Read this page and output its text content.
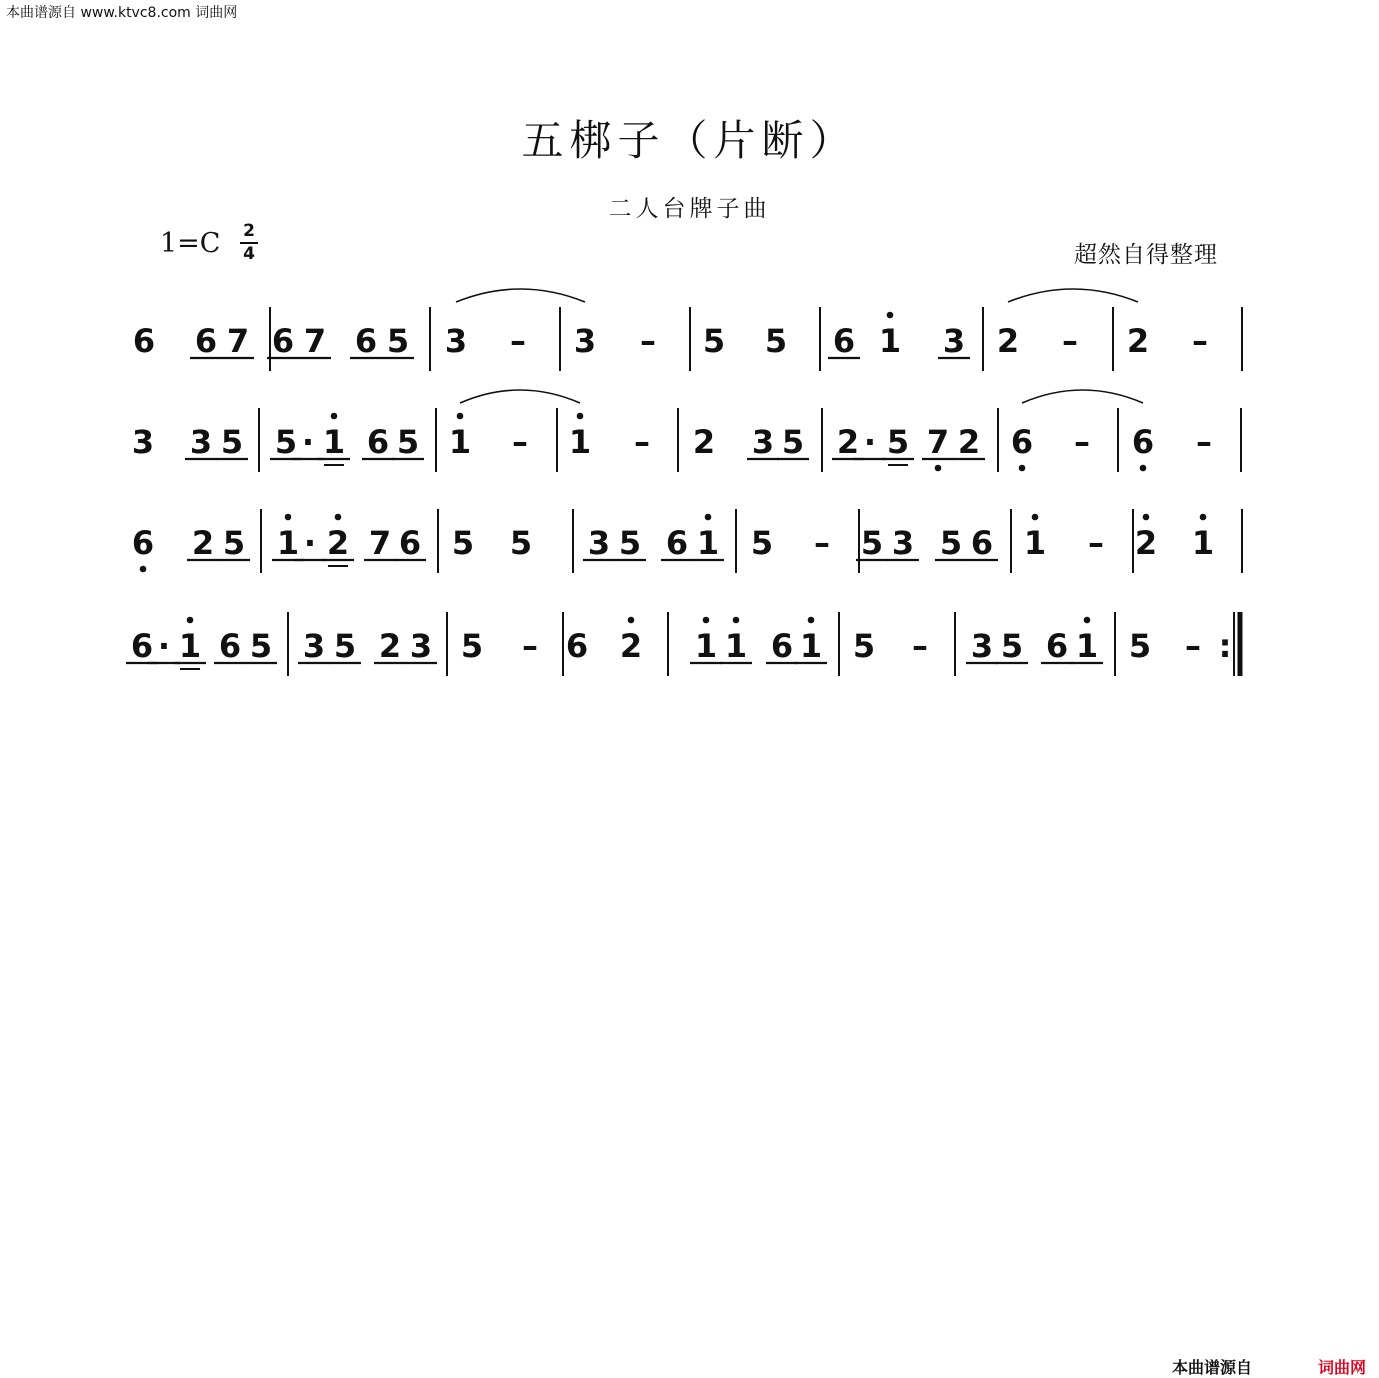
本曲谱源自 www.ktvc8.com 词曲网
五梆子（片断）
二人台牌子曲
1=C 2
4	超然自得整理
6 6 7 6 7 6 5 3 – 3 – 5 5 6 1 3 2 – 2 –
3 3 5 5 · 1 6 5 1 – 1 – 2 3 5 2 · 5 7 2 6 – 6 –
6 2 5 1 · 2 7 6 5 5 3 5 6 1 5 – 5 3 5 6 1 – 2 1
6 · 1 6 5 3 5 2 3 5 – 6 2 1 1 6 1 5 – 3 5 6 1 5 – :
本曲谱源自	词曲网
